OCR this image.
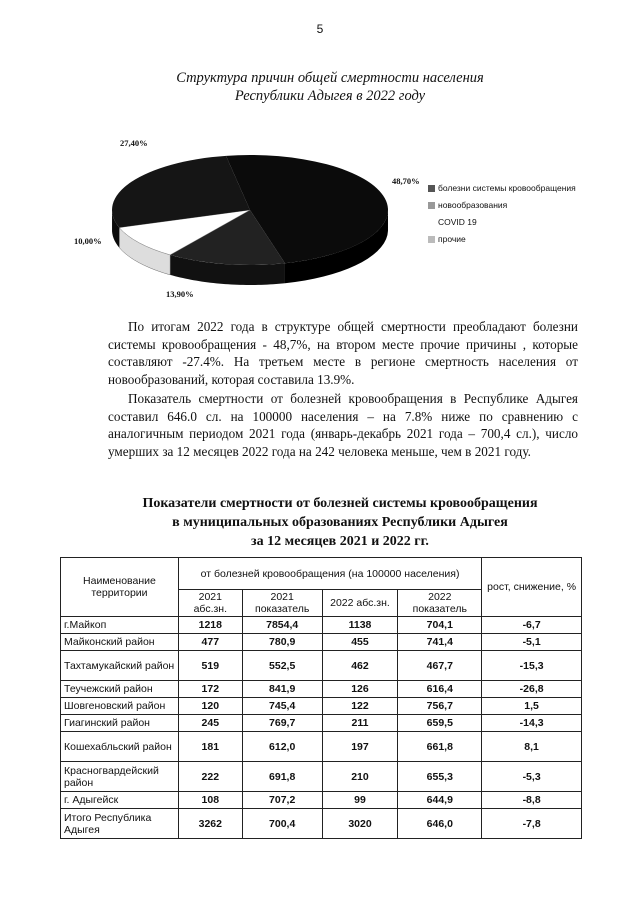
5
Структура причин общей смертности населения
Республики Адыгея в 2022 году
48,70%
13,90%
10,00%
27,40%
болезни системы кровообращения
новообразования
COVID 19
прочие
По итогам 2022 года в структуре общей смертности преобладают болезни системы кровообращения - 48,7%, на втором месте прочие причины , которые составляют -27.4%. На третьем месте в регионе смертность населения от новообразований, которая составила 13.9%.
Показатель смертности от болезней кровообращения в Республике Адыгея составил 646.0 сл. на 100000 населения – на 7.8% ниже по сравнению с аналогичным периодом 2021 года (январь-декабрь 2021 года – 700,4 сл.), число умерших за 12 месяцев 2022 года на 242 человека меньше, чем в 2021 году.
Показатели смертности от болезней системы кровообращения
в муниципальных образованиях Республики Адыгея
за 12 месяцев 2021 и 2022 гг.
Наименование территории	от болезней кровообращения (на 100000 населения)				рост, снижение, %
	2021 абс.зн.	2021 показатель	2022 абс.зн.	2022 показатель	
г.Майкоп	1218	7854,4	1138	704,1	-6,7
Майконский район	477	780,9	455	741,4	-5,1
Тахтамукайский район	519	552,5	462	467,7	-15,3
Теучежский район	172	841,9	126	616,4	-26,8
Шовгеновский район	120	745,4	122	756,7	1,5
Гиагинский район	245	769,7	211	659,5	-14,3
Кошехабльский район	181	612,0	197	661,8	8,1
Красногвардейский район	222	691,8	210	655,3	-5,3
г. Адыгейск	108	707,2	99	644,9	-8,8
Итого Республика Адыгея	3262	700,4	3020	646,0	-7,8
